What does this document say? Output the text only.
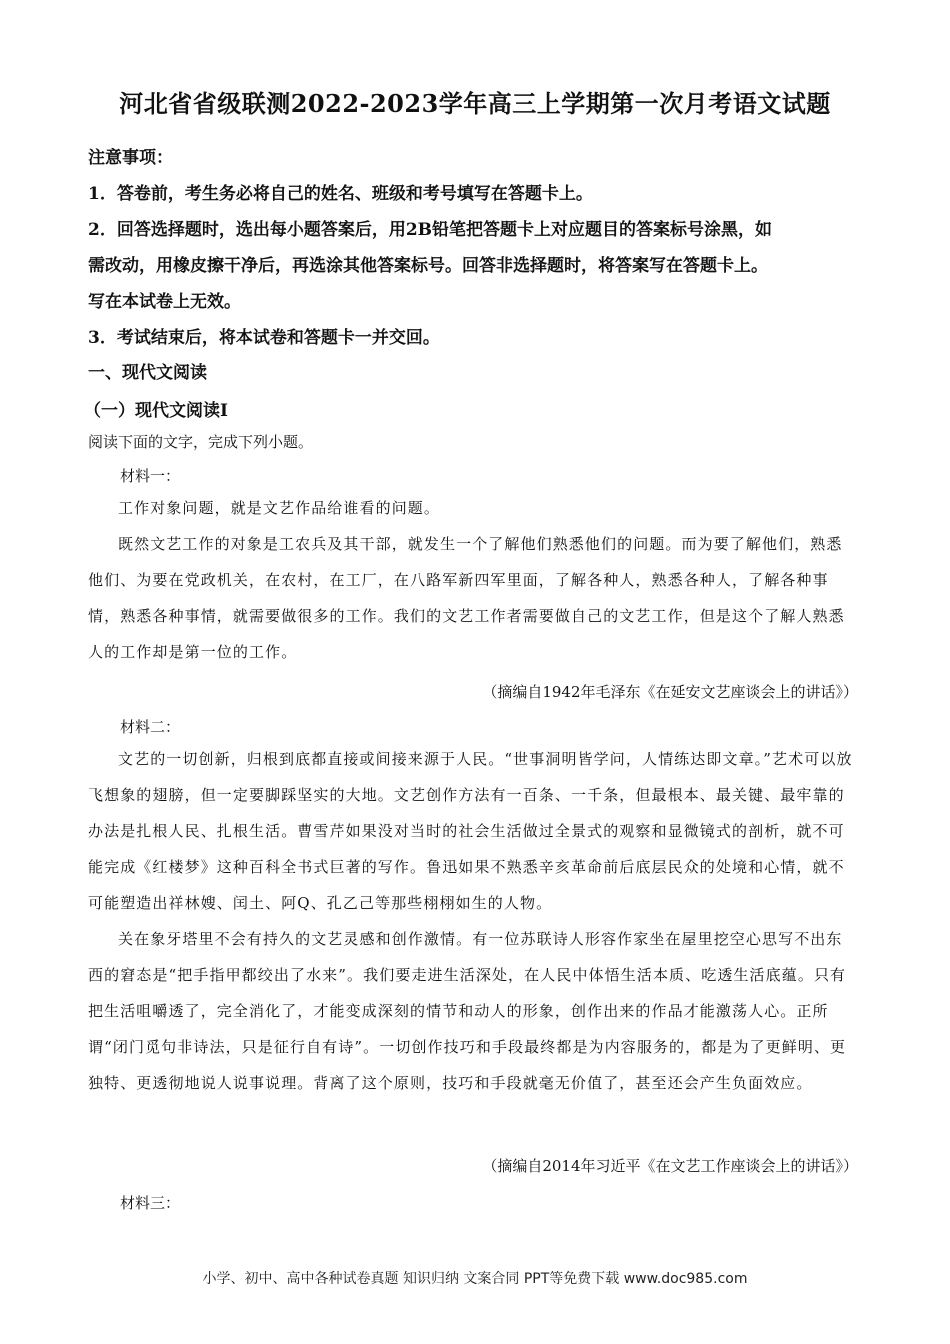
河北省省级联测2022-2023学年高三上学期第一次月考语文试题

注意事项：

1．答卷前，考生务必将自己的姓名、班级和考号填写在答题卡上。

2．回答选择题时，选出每小题答案后，用2B铅笔把答题卡上对应题目的答案标号涂黑，如

需改动，用橡皮擦干净后，再选涂其他答案标号。回答非选择题时，将答案写在答题卡上。

写在本试卷上无效。

3．考试结束后，将本试卷和答题卡一并交回。

一、现代文阅读
（一）现代文阅读Ⅰ
阅读下面的文字，完成下列小题。
材料一：

工作对象问题，就是文艺作品给谁看的问题。

既然文艺工作的对象是工农兵及其干部，就发生一个了解他们熟悉他们的问题。而为要了解他们，熟悉他们、为要在党政机关，在农村，在工厂，在八路军新四军里面，了解各种人，熟悉各种人，了解各种事情，熟悉各种事情，就需要做很多的工作。我们的文艺工作者需要做自己的文艺工作，但是这个了解人熟悉人的工作却是第一位的工作。

（摘编自1942年毛泽东《在延安文艺座谈会上的讲话》）
材料二：

文艺的一切创新，归根到底都直接或间接来源于人民。“世事洞明皆学问，人情练达即文章。”艺术可以放飞想象的翅膀，但一定要脚踩坚实的大地。文艺创作方法有一百条、一千条，但最根本、最关键、最牢靠的办法是扎根人民、扎根生活。曹雪芹如果没对当时的社会生活做过全景式的观察和显微镜式的剖析，就不可能完成《红楼梦》这种百科全书式巨著的写作。鲁迅如果不熟悉辛亥革命前后底层民众的处境和心情，就不可能塑造出祥林嫂、闰土、阿Q、孔乙己等那些栩栩如生的人物。

关在象牙塔里不会有持久的文艺灵感和创作激情。有一位苏联诗人形容作家坐在屋里挖空心思写不出东西的窘态是“把手指甲都绞出了水来”。我们要走进生活深处，在人民中体悟生活本质、吃透生活底蕴。只有把生活咀嚼透了，完全消化了，才能变成深刻的情节和动人的形象，创作出来的作品才能激荡人心。正所谓“闭门觅句非诗法，只是征行自有诗”。一切创作技巧和手段最终都是为内容服务的，都是为了更鲜明、更独特、更透彻地说人说事说理。背离了这个原则，技巧和手段就毫无价值了，甚至还会产生负面效应。

（摘编自2014年习近平《在文艺工作座谈会上的讲话》）
材料三：
小学、初中、高中各种试卷真题 知识归纳 文案合同 PPT等免费下载 www.doc985.com
